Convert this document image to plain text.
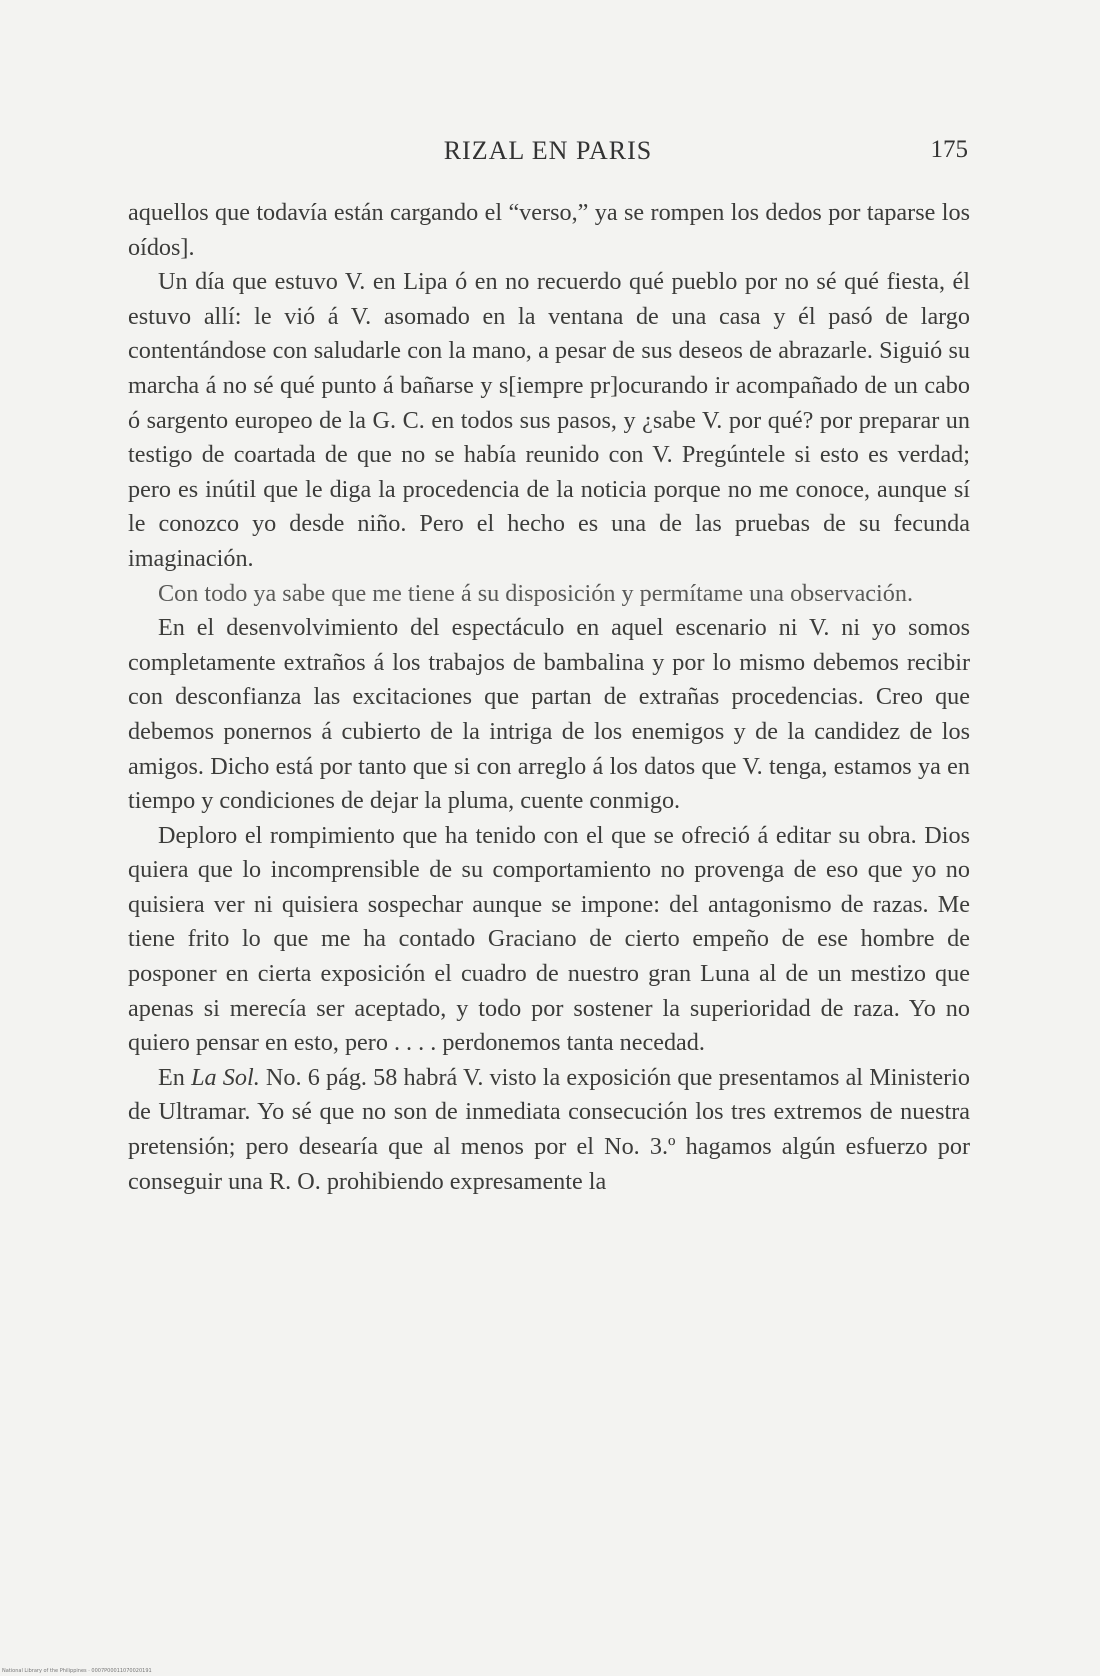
RIZAL EN PARIS	175

aquellos que todavía están cargando el “verso,” ya se rompen los dedos por taparse los oídos].

Un día que estuvo V. en Lipa ó en no recuerdo qué pueblo por no sé qué fiesta, él estuvo allí: le vió á V. asomado en la ventana de una casa y él pasó de largo contentándose con saludarle con la mano, a pesar de sus deseos de abrazarle. Siguió su marcha á no sé qué punto á bañarse y s[iempre pr]ocurando ir acompañado de un cabo ó sargento europeo de la G. C. en todos sus pasos, y ¿sabe V. por qué? por preparar un testigo de coartada de que no se había reunido con V. Pregúntele si esto es verdad; pero es inútil que le diga la procedencia de la noticia porque no me conoce, aunque sí le conozco yo desde niño. Pero el hecho es una de las pruebas de su fecunda imaginación.

Con todo ya sabe que me tiene á su disposición y permítame una observación.

En el desenvolvimiento del espectáculo en aquel escenario ni V. ni yo somos completamente extraños á los trabajos de bambalina y por lo mismo debemos recibir con desconfianza las excitaciones que partan de extrañas procedencias. Creo que debemos ponernos á cubierto de la intriga de los enemigos y de la candidez de los amigos. Dicho está por tanto que si con arreglo á los datos que V. tenga, estamos ya en tiempo y condiciones de dejar la pluma, cuente conmigo.

Deploro el rompimiento que ha tenido con el que se ofreció á editar su obra. Dios quiera que lo incomprensible de su comportamiento no provenga de eso que yo no quisiera ver ni quisiera sospechar aunque se impone: del antagonismo de razas. Me tiene frito lo que me ha contado Graciano de cierto empeño de ese hombre de posponer en cierta exposición el cuadro de nuestro gran Luna al de un mestizo que apenas si merecía ser aceptado, y todo por sostener la superioridad de raza. Yo no quiero pensar en esto, pero . . . . perdonemos tanta necedad.

En La Sol. No. 6 pág. 58 habrá V. visto la exposición que presentamos al Ministerio de Ultramar. Yo sé que no son de inmediata consecución los tres extremos de nuestra pretensión; pero desearía que al menos por el No. 3.º hagamos algún esfuerzo por conseguir una R. O. prohibiendo expresamente la

National Library of the Philippines · 0007P00011070020191
